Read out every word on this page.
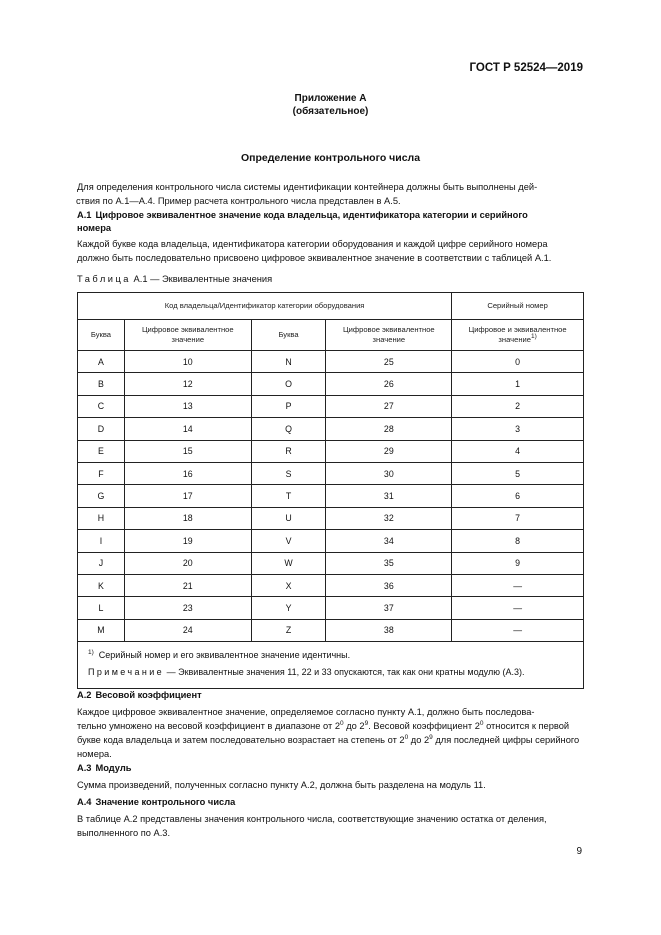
ГОСТ Р 52524—2019
Приложение А
(обязательное)
Определение контрольного числа
Для определения контрольного числа системы идентификации контейнера должны быть выполнены дей-
ствия по А.1—А.4. Пример расчета контрольного числа представлен в А.5.
А.1 Цифровое эквивалентное значение кода владельца, идентификатора категории и серийного
номера
Каждой букве кода владельца, идентификатора категории оборудования и каждой цифре серийного номера
должно быть последовательно присвоено цифровое эквивалентное значение в соответствии с таблицей А.1.
Таблица А.1 — Эквивалентные значения
Код владельца/Идентификатор категории оборудования				Серийный номер
Буква	Цифровое эквивалентное значение	Буква	Цифровое эквивалентное значение	Цифровое и эквивалентное значение$^{1)}$
А	10	N	25	0
В	12	O	26	1
С	13	P	27	2
D	14	Q	28	3
E	15	R	29	4
F	16	S	30	5
G	17	T	31	6
H	18	U	32	7
I	19	V	34	8
J	20	W	35	9
K	21	X	36	—
L	23	Y	37	—
M	24	Z	38	—

$^{1)}$ Серийный номер и его эквивалентное значение идентичны.
Примечание — Эквивалентные значения 11, 22 и 33 опускаются, так как они кратны модулю (А.3).				
А.2 Весовой коэффициент
Каждое цифровое эквивалентное значение, определяемое согласно пункту А.1, должно быть последова-
тельно умножено на весовой коэффициент в диапазоне от $2^0$ до $2^9$. Весовой коэффициент $2^0$ относится к первой
букве кода владельца и затем последовательно возрастает на степень от $2^0$ до $2^9$ для последней цифры серийного
номера.
А.3 Модуль
Сумма произведений, полученных согласно пункту А.2, должна быть разделена на модуль 11.
А.4 Значение контрольного числа
В таблице А.2 представлены значения контрольного числа, соответствующие значению остатка от деления,
выполненного по А.3.
9
